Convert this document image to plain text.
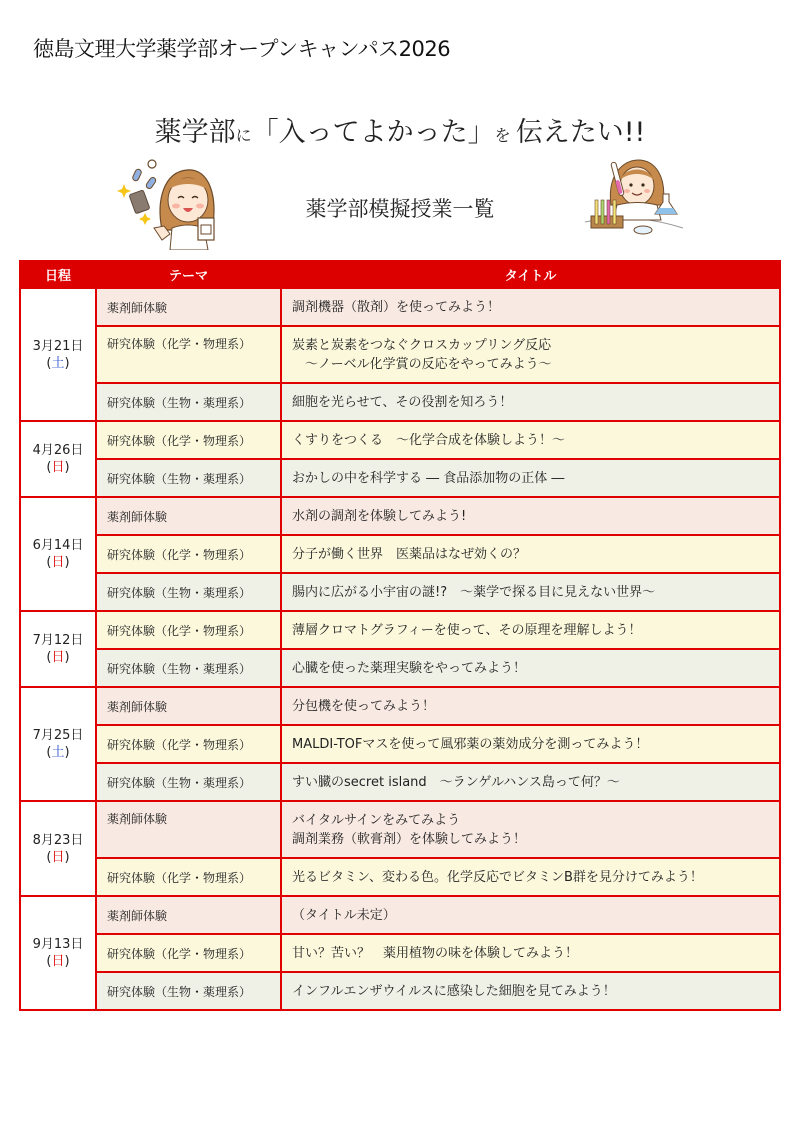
徳島文理大学薬学部オープンキャンパス2026
薬学部に「入ってよかった」を 伝えたい!!
薬学部模擬授業一覧
日程	テーマ	タイトル

3月21日
(土)	薬剤師体験	調剤機器（散剤）を使ってみよう！

	研究体験（化学・物理系）	炭素と炭素をつなぐクロスカップリング反応
　～ノーベル化学賞の反応をやってみよう～

	研究体験（生物・薬理系）	細胞を光らせて、その役割を知ろう！

4月26日
(日)	研究体験（化学・物理系）	くすりをつくる　～化学合成を体験しよう！～

	研究体験（生物・薬理系）	おかしの中を科学する ― 食品添加物の正体 ―

6月14日
(日)	薬剤師体験	水剤の調剤を体験してみよう!

	研究体験（化学・物理系）	分子が働く世界　医薬品はなぜ効くの？

	研究体験（生物・薬理系）	腸内に広がる小宇宙の謎!?　～薬学で探る目に見えない世界～

7月12日
(日)	研究体験（化学・物理系）	薄層クロマトグラフィーを使って、その原理を理解しよう！

	研究体験（生物・薬理系）	心臓を使った薬理実験をやってみよう！

7月25日
(土)	薬剤師体験	分包機を使ってみよう！

	研究体験（化学・物理系）	MALDI-TOFマスを使って風邪薬の薬効成分を測ってみよう！

	研究体験（生物・薬理系）	すい臓のsecret island　～ランゲルハンス島って何？～

8月23日
(日)
	薬剤師体験	バイタルサインをみてみよう
調剤業務（軟膏剤）を体験してみよう！

	研究体験（化学・物理系）	光るビタミン、変わる色。化学反応でビタミンB群を見分けてみよう！

9月13日
(日)	薬剤師体験	（タイトル未定）

	研究体験（化学・物理系）	甘い？苦い？　薬用植物の味を体験してみよう！

	研究体験（生物・薬理系）	インフルエンザウイルスに感染した細胞を見てみよう！
